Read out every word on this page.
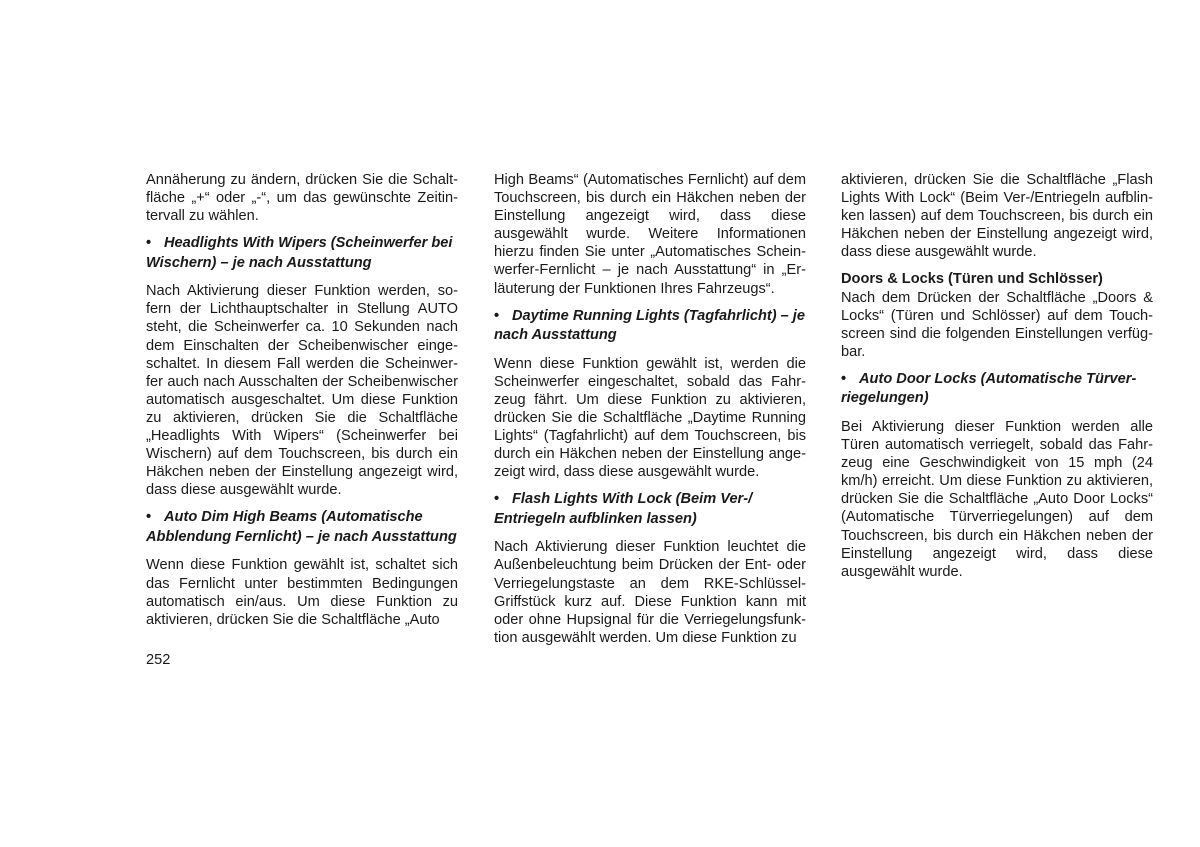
Annäherung zu ändern, drücken Sie die Schaltfläche „+“ oder „-“, um das gewünschte Zeitintervall zu wählen.

• Headlights With Wipers (Scheinwerfer bei Wischern) – je nach Ausstattung

Nach Aktivierung dieser Funktion werden, sofern der Lichthauptschalter in Stellung AUTO steht, die Scheinwerfer ca. 10 Sekunden nach dem Einschalten der Scheibenwischer eingeschaltet. In diesem Fall werden die Scheinwerfer auch nach Ausschalten der Scheibenwischer automatisch ausgeschaltet. Um diese Funktion zu aktivieren, drücken Sie die Schaltfläche „Headlights With Wipers“ (Scheinwerfer bei Wischern) auf dem Touchscreen, bis durch ein Häkchen neben der Einstellung angezeigt wird, dass diese ausgewählt wurde.

• Auto Dim High Beams (Automatische Abblendung Fernlicht) – je nach Ausstattung

Wenn diese Funktion gewählt ist, schaltet sich das Fernlicht unter bestimmten Bedingungen automatisch ein/aus. Um diese Funktion zu aktivieren, drücken Sie die Schaltfläche „Auto

High Beams“ (Automatisches Fernlicht) auf dem Touchscreen, bis durch ein Häkchen neben der Einstellung angezeigt wird, dass diese ausgewählt wurde. Weitere Informationen hierzu finden Sie unter „Automatisches Scheinwerfer-Fernlicht – je nach Ausstattung“ in „Erläuterung der Funktionen Ihres Fahrzeugs“.

• Daytime Running Lights (Tagfahrlicht) – je nach Ausstattung

Wenn diese Funktion gewählt ist, werden die Scheinwerfer eingeschaltet, sobald das Fahrzeug fährt. Um diese Funktion zu aktivieren, drücken Sie die Schaltfläche „Daytime Running Lights“ (Tagfahrlicht) auf dem Touchscreen, bis durch ein Häkchen neben der Einstellung angezeigt wird, dass diese ausgewählt wurde.

• Flash Lights With Lock (Beim Ver-/ Entriegeln aufblinken lassen)

Nach Aktivierung dieser Funktion leuchtet die Außenbeleuchtung beim Drücken der Ent- oder Verriegelungstaste an dem RKE-Schlüssel-Griffstück kurz auf. Diese Funktion kann mit oder ohne Hupsignal für die Verriegelungsfunktion ausgewählt werden. Um diese Funktion zu

aktivieren, drücken Sie die Schaltfläche „Flash Lights With Lock“ (Beim Ver-/Entriegeln aufblinken lassen) auf dem Touchscreen, bis durch ein Häkchen neben der Einstellung angezeigt wird, dass diese ausgewählt wurde.

Doors & Locks (Türen und Schlösser)

Nach dem Drücken der Schaltfläche „Doors & Locks“ (Türen und Schlösser) auf dem Touchscreen sind die folgenden Einstellungen verfügbar.

• Auto Door Locks (Automatische Türverriegelungen)

Bei Aktivierung dieser Funktion werden alle Türen automatisch verriegelt, sobald das Fahrzeug eine Geschwindigkeit von 15 mph (24 km/h) erreicht. Um diese Funktion zu aktivieren, drücken Sie die Schaltfläche „Auto Door Locks“ (Automatische Türverriegelungen) auf dem Touchscreen, bis durch ein Häkchen neben der Einstellung angezeigt wird, dass diese ausgewählt wurde.

252
